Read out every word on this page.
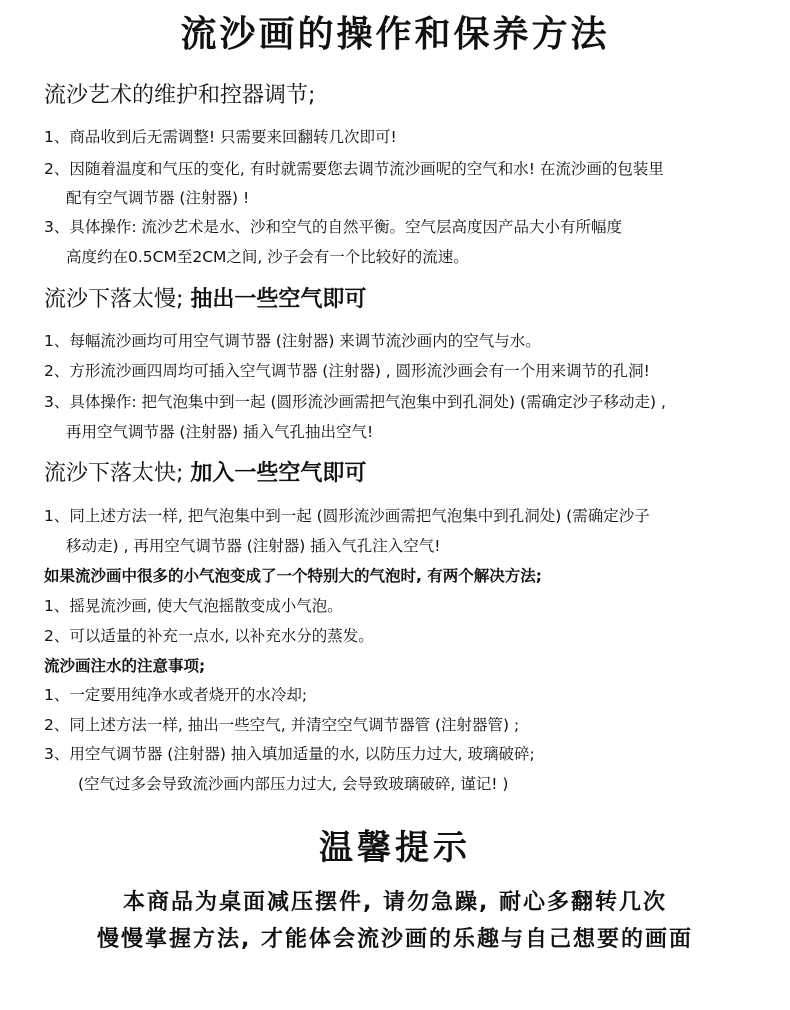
流沙画的操作和保养方法
流沙艺术的维护和控器调节;

1、商品收到后无需调整! 只需要来回翻转几次即可!

2、因随着温度和气压的变化, 有时就需要您去调节流沙画呢的空气和水! 在流沙画的包装里

配有空气调节器 (注射器) !

3、具体操作: 流沙艺术是水、沙和空气的自然平衡。空气层高度因产品大小有所幅度

高度约在0.5CM至2CM之间, 沙子会有一个比较好的流速。

流沙下落太慢; 抽出一些空气即可

1、每幅流沙画均可用空气调节器 (注射器) 来调节流沙画内的空气与水。

2、方形流沙画四周均可插入空气调节器 (注射器) , 圆形流沙画会有一个用来调节的孔洞!

3、具体操作: 把气泡集中到一起 (圆形流沙画需把气泡集中到孔洞处) (需确定沙子移动走) ,

再用空气调节器 (注射器) 插入气孔抽出空气!

流沙下落太快; 加入一些空气即可

1、同上述方法一样, 把气泡集中到一起 (圆形流沙画需把气泡集中到孔洞处) (需确定沙子

移动走) , 再用空气调节器 (注射器) 插入气孔注入空气!

如果流沙画中很多的小气泡变成了一个特别大的气泡时, 有两个解决方法;

1、摇晃流沙画, 使大气泡摇散变成小气泡。

2、可以适量的补充一点水, 以补充水分的蒸发。

流沙画注水的注意事项;

1、一定要用纯净水或者烧开的水冷却;

2、同上述方法一样, 抽出一些空气, 并清空空气调节器管 (注射器管) ;

3、用空气调节器 (注射器) 抽入填加适量的水, 以防压力过大, 玻璃破碎;

(空气过多会导致流沙画内部压力过大, 会导致玻璃破碎, 谨记! )

温馨提示

本商品为桌面减压摆件, 请勿急躁, 耐心多翻转几次

慢慢掌握方法, 才能体会流沙画的乐趣与自己想要的画面
